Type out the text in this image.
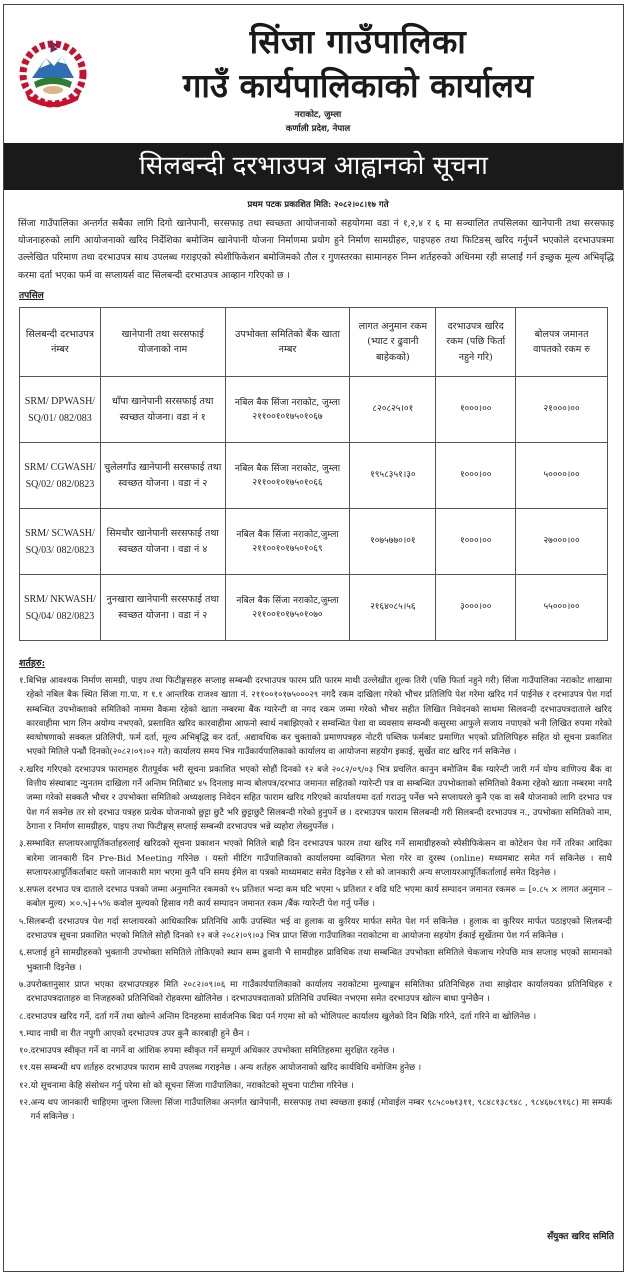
सिंजा गाउँपालिका
गाउँ कार्यपालिकाको कार्यालय
नराकोट, जुम्ला
कर्णाली प्रदेश, नेपाल
सिलबन्दी दरभाउपत्र आह्वानको सूचना
प्रथम पटक प्रकाशित मिति: २०८२।०८।१७ गते
सिंजा गाउँपालिका अन्तर्गत सबैका लागि दिगो खानेपानी, सरसफाइ तथा स्वच्छता आयोजनाको सहयोगमा वडा नं १,२,४ र ६ मा सञ्चालित तपसिलका खानेपानी तथा सरसफाइ योजनाहरुको लागि आयोजनाको खरिद निर्देशिका बमोजिम खानेपानी योजना निर्माणमा प्रयोग हुने निर्माण सामग्रीहरु, पाइपहरु तथा फिटिङस् खरिद गर्नुपर्ने भएकोले दरभाउपत्रमा उल्लेखित परिमाण तथा दरभाउपत्र साथ उपलब्ध गराइएको स्पेशीफिकेशन बमोजिमको तौल र गुणस्तरका सामानहरु निम्न शर्तहरुको अधिनमा रही सप्लाई गर्न इच्छुक मूल्य अभिवृद्धि करमा दर्ता भएका फर्म वा सप्लायर्स वाट सिलबन्दी दरभाउपत्र आव्हान गरिएको छ ।
तपसिल
सिलबन्दी दरभाउपत्र नंम्बर	खानेपानी तथा सरसफाई योजनाको नाम	उपभोक्ता समितिको बैंक खाता नम्बर	लागत अनुमान रकम (भ्याट र ढुवानी बाहेकको)	दरभाउपत्र खरिद रकम (पछि फिर्ता नहुने गरि)	बोलपत्र जमानत वापतको रकम रु
SRM/ DPWASH/ SQ/01/ 082/083	धाँपा खानेपानी सरसफाई तथा स्वच्छत योजना। वडा नं १	नबिल बैक सिंजा नराकोट, जुम्ला २११००१०१७५०१०६७	८२०८२५।०१	१०००।००	२१०००।००
SRM/ CGWASH/ SQ/02/ 082/0823	चुलेलगाँउ खानेपानी सरसफाई तथा स्वच्छत योजना । वडा नं २	नबिल बैक सिंजा नराकोट, जुम्ला २११००१०१७५०१०६६	१९५८३५१।३०	१०००।००	५००००।००
SRM/ SCWASH/ SQ/03/ 082/0823	सिमचौर खानेपानी सरसफाई तथा स्वच्छत योजना । वडा नं ४	नबिल बैक सिंजा नराकोट,जुम्ला २११००१०१७५०१०६९	१०७५७७०।०१	१०००।००	२७०००।००
SRM/ NKWASH/ SQ/04/ 082/0823	नुनखारा खानेपानी सरसफाई तथा स्वच्छत योजना । वडा नं २	नबिल बैक सिंजा नराकोट,जुम्ला २११००१०१७५०१०७०	२१६४०८५।५६	३०००।००	५५०००।००
शर्तहरु:
१. बिभिन्न आवश्यक निर्माण सामग्री, पाइप तथा फिटीङ्गसहरु सप्लाइ सम्बन्धी दरभाउपत्र फारम प्रति फारम माथी उल्लेखीत शुल्क तिरी (पछि फिर्ता नहुने गरी) सिंजा गाउँपालिका नराकोट शाखामा रहेको नबिल बैक स्थित सिंजा गा.पा. ग १.१ आन्तरिक राजश्व खाता नं. २११००१०१७५०००२९ नगदै रकम दाखिला गरेको भौचर प्रतिलिपि पेश गरेमा खरिद गर्न पाईनेछ र दरभाउपत्र पेश गर्दा सम्बन्धित उपभोक्ताको समितिको नाममा वैकमा रहेको खाता नम्बरमा बैंक ग्यारेन्टी वा नगद रकम जम्मा गरेको भौचर सहीत लिखित निवेदनको साथमा सिलवन्दी दरभाउपत्रदाताले खरिद कारवाहीमा भाग लिन अयोग्य नभएको, प्रस्तावित खरिद कारवाहीमा आफनो स्वार्थ नबाझिएको र सम्वन्धित पेशा वा व्यवसाय सम्वन्धी कसुरमा आफुले सजाय नपाएको भनी लिखित रुपमा गरेको स्वःघोषणाको सक्कल प्रतिलिपी, फर्म दर्ता, मूल्य अभिबृद्धि कर दर्ता, अद्यावधिक कर चुक्ताको प्रमाणपत्रहरु नोटरी पब्लिक फर्मबाट प्रमाणित भएको प्रतिलिपिहरु सहित यो सूचना प्रकाशित भएको मितिले पन्ध्रौं दिनको(२०८२।०९।०२ गते) कार्यालय समय भित्र गाउँकार्यपालिकाको कार्यालय वा आयोजना सहयोग इकाई, सुर्खेत वाट खरिद गर्न सकिनेछ ।
२. खरिद गरिएको दरभाउपत्र फारामहरु रीतपूर्वक भरी सूचना प्रकाशित भएको सोहौं दिनको १२ बजे २०८२/०९/०३ भित्र प्रचलित कानुन बमोजिम बैंक ग्यारेन्टी जारी गर्न योग्य वाणिज्य बैंक वा वित्तीय संस्थाबाट न्युनतम दाखिला गर्ने अन्तिम मितिबाट ४५ दिनलाइ मान्य बोलपत्र/दरभाउ जमानत सहितको ग्यारेन्टी पत्र वा सम्बन्धित उपभोक्ताको समितिको वैकमा रहेको खाता नम्बरमा नगदै जम्मा गरेको सक्कलै भौचर र उपभोक्ता समितिको अध्यक्षलाइ निवेदन सहित फाराम खरिद गरिएको कार्यालयमा दर्ता गराउनु पर्नेछ भने सप्लायरले कुनै एक वा सबै योजनाको लागि दरभाउ पत्र पेश गर्न सक्नेछ तर सो दरभाउ पत्रहरु प्रत्येक योजनाको छुट्टा छुटै भरि छुट्टाछुटै सिलबन्दी गरेको हुनुपर्ने छ । दरभाउपत्र फाराम सिलबन्दी गरी सिलबन्दी दरभाउपत्र न., उपभोक्ता समितिको नाम, ठेगाना र निर्माण सामग्रीहरु, पाइप तथा फिटीङ्गस् सप्लाई सम्बन्धी दरभाउपत्र भन्ने व्यहोरा लेख्नुपर्नेछ ।
३. सम्भावित सप्लायरआपूर्तिकर्ताहरुलाई खरिदको सूचना प्रकाशन भएको मितिले बाह्रौ दिन दरभाउपत्र फारम तथा खरिद गर्ने सामाग्रीहरुको स्पेसीफिकेसन वा कोटेशन पेश गर्ने तरिका आदिका बारेमा जानकारी दिन Pre-Bid Meeting गरिनेछ । यस्तो मीटिंग गाउँपालिकाको कार्यालयमा व्यक्तिगत भेला गरेर वा दुरस्थ (online) मध्यमबाट समेत गर्न सकिनेछ । साथै सप्लायरआपूर्तिकर्ताबाट यस्तो जानकारी माग भएमा कुनै पनि समय ईमेल वा पत्रको माध्यमबाट समेत दिइनेछ र सो को जानकारी अन्य सप्लायरआपूर्तिकर्तालाई समेत दिइनेछ ।
४. सफल दरभाउ पत्र दाताले दरभाउ पत्रको जम्मा अनुमानित रकमको १५ प्रतिशत भन्दा कम घटि भएमा ५ प्रतिशत र वढि घटि भएमा कार्य सम्पादन जमानत रकमरु = [०.८५ × लागत अनुमान – कबोल मुल्य) ×०.५]+५% कवोल मुल्यको हिसाव गरी कार्य सम्पादन जमानत रकम /बैंक ग्यारेन्टी पेश गर्नु पर्नेछ ।
५. सिलबन्दी दरभाउपत्र पेश गर्दा सप्लायरको आधिकारिक प्रतिनिधि आफैं उपस्थित भई वा हुलाक वा कुरियर मार्फत समेत पेश गर्न सकिनेछ । हुलाक वा कुरियर मार्फत पठाइएको सिलबन्दी दरभाउपत्र सूचना प्रकाशित भएको मितिले सोहौ दिनको १२ बजे २०८२।०९।०३ भित्र प्राप्त सिंजा गाउँपालिका नराकोटमा वा आयोजना सहयोग ईकाई सुर्खेतमा पेश गर्न सकिनेछ ।
६. सप्लाई हुने सामग्रीहरुको भुक्तानी उपभोक्ता समितिले तोकिएको स्थान सम्म ढुवानी भै सामग्रीहरु प्राविधिक तथा सम्बन्धित उपभोक्ता समितिले चेकजाच गरेपछि मात्र सप्लाइ भएको सामानको भुक्तानी दिइनेछ ।
७. उपरोक्तानुसार प्राप्त भएका दरभाउपत्रहरु मिति २०८२।०९।०६ मा गाउँकार्यपालिकाको कार्यालय नराकोटमा मुल्याङ्कन समितिका प्रतिनिधिहरु तथा साझेदार कार्यालयका प्रतिनिधिहरु र दरभाउपत्रदाताहरु वा निजहरुको प्रतिनिधिको रोहवरमा खोलिनेछ । दरभाउपत्रदाताको प्रतिनिधि उपस्थित नभएमा समेत दरभाउपत्र खोल्न बाधा पुग्नेछैन ।
८. दरभाउपत्र खरिद गर्ने, दर्ता गर्ने तथा खोल्ने अन्तिम दिनहरुमा सार्वजनिक बिदा पर्न गएमा सो को भोलिपल्ट कार्यालय खुलेको दिन बिक्रि गरिने, दर्ता गरिने वा खोलिनेछ ।
९. म्याद नाघी वा रीत नपुगी आएको दरभाउपत्र उपर कुनै कारबाही हुने छैन ।
१०. दरभाउपत्र स्वीकृत गर्ने वा नगर्ने वा आंशिक रुपमा स्वीकृत गर्ने सम्पूर्ण अधिकार उपभोक्ता समितिहरुमा सुरक्षित रहनेछ ।
११. यस सम्बन्धी थप शर्तहरु दरभाउपत्र फाराम साथै उपलब्ध गराइनेछ । अन्य शर्तहरु आयोजनाको खरिद कार्यविधि वमोजिम हुनेछ ।
१२. यो सूचनामा केहि संसोधन गर्नु परेमा सो को सूचना सिंजा गाउँपालिका, नराकोटको सूचना पाटीमा गरिनेछ ।
१२. अन्य थप जानकारी चाहिएमा जुम्ला जिल्ला सिंजा गाउँपालिका अन्तर्गत खानेपानी, सरसफाइ तथा स्वच्छता इकाई (मोवाईल नम्बर ९८५८०७१३११, ९८४८१३८९४८ , ९८४६७८९१६८) मा सम्पर्क गर्न सकिनेछ ।
सँयुक्त खरिद समिति
